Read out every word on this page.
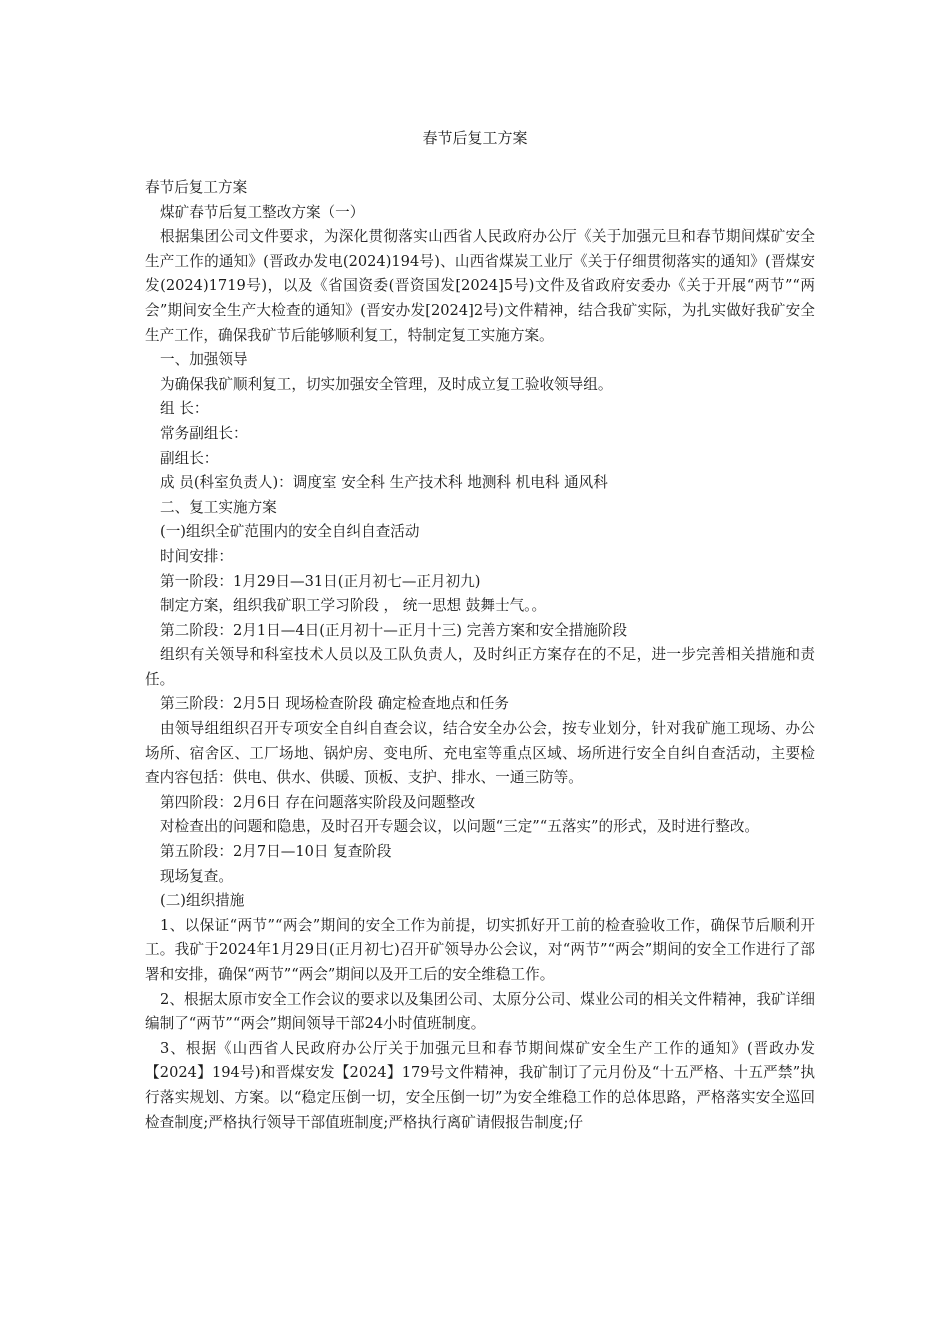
春节后复工方案

春节后复工方案

煤矿春节后复工整改方案（一）

根据集团公司文件要求，为深化贯彻落实山西省人民政府办公厅《关于加强元旦和春节期间煤矿安全生产工作的通知》(晋政办发电(2024)194号)、山西省煤炭工业厅《关于仔细贯彻落实的通知》(晋煤安发(2024)1719号)，以及《省国资委(晋资国发[2024]5号)文件及省政府安委办《关于开展“两节”“两会”期间安全生产大检查的通知》(晋安办发[2024]2号)文件精神，结合我矿实际，为扎实做好我矿安全生产工作，确保我矿节后能够顺利复工，特制定复工实施方案。

一、加强领导

为确保我矿顺利复工，切实加强安全管理，及时成立复工验收领导组。

组 长：

常务副组长：

副组长：

成 员(科室负责人)：调度室 安全科 生产技术科 地测科 机电科 通风科

二、复工实施方案

(一)组织全矿范围内的安全自纠自查活动

时间安排：

第一阶段：1月29日—31日(正月初七—正月初九)

制定方案，组织我矿职工学习阶段 ， 统一思想 鼓舞士气。。

第二阶段：2月1日—4日(正月初十—正月十三) 完善方案和安全措施阶段

组织有关领导和科室技术人员以及工队负责人，及时纠正方案存在的不足，进一步完善相关措施和责任。

第三阶段：2月5日 现场检查阶段 确定检查地点和任务

由领导组组织召开专项安全自纠自查会议，结合安全办公会，按专业划分，针对我矿施工现场、办公场所、宿舍区、工厂场地、锅炉房、变电所、充电室等重点区域、场所进行安全自纠自查活动，主要检查内容包括：供电、供水、供暖、顶板、支护、排水、一通三防等。

第四阶段：2月6日 存在问题落实阶段及问题整改

对检查出的问题和隐患，及时召开专题会议，以问题“三定”“五落实”的形式，及时进行整改。

第五阶段：2月7日—10日 复查阶段

现场复查。

(二)组织措施

1、以保证“两节”“两会”期间的安全工作为前提，切实抓好开工前的检查验收工作，确保节后顺利开工。我矿于2024年1月29日(正月初七)召开矿领导办公会议，对“两节”“两会”期间的安全工作进行了部署和安排，确保“两节”“两会”期间以及开工后的安全维稳工作。

2、根据太原市安全工作会议的要求以及集团公司、太原分公司、煤业公司的相关文件精神，我矿详细编制了“两节”“两会”期间领导干部24小时值班制度。

3、根据《山西省人民政府办公厅关于加强元旦和春节期间煤矿安全生产工作的通知》(晋政办发【2024】194号)和晋煤安发【2024】179号文件精神，我矿制订了元月份及“十五严格、十五严禁”执行落实规划、方案。以“稳定压倒一切，安全压倒一切”为安全维稳工作的总体思路，严格落实安全巡回检查制度;严格执行领导干部值班制度;严格执行离矿请假报告制度;仔
